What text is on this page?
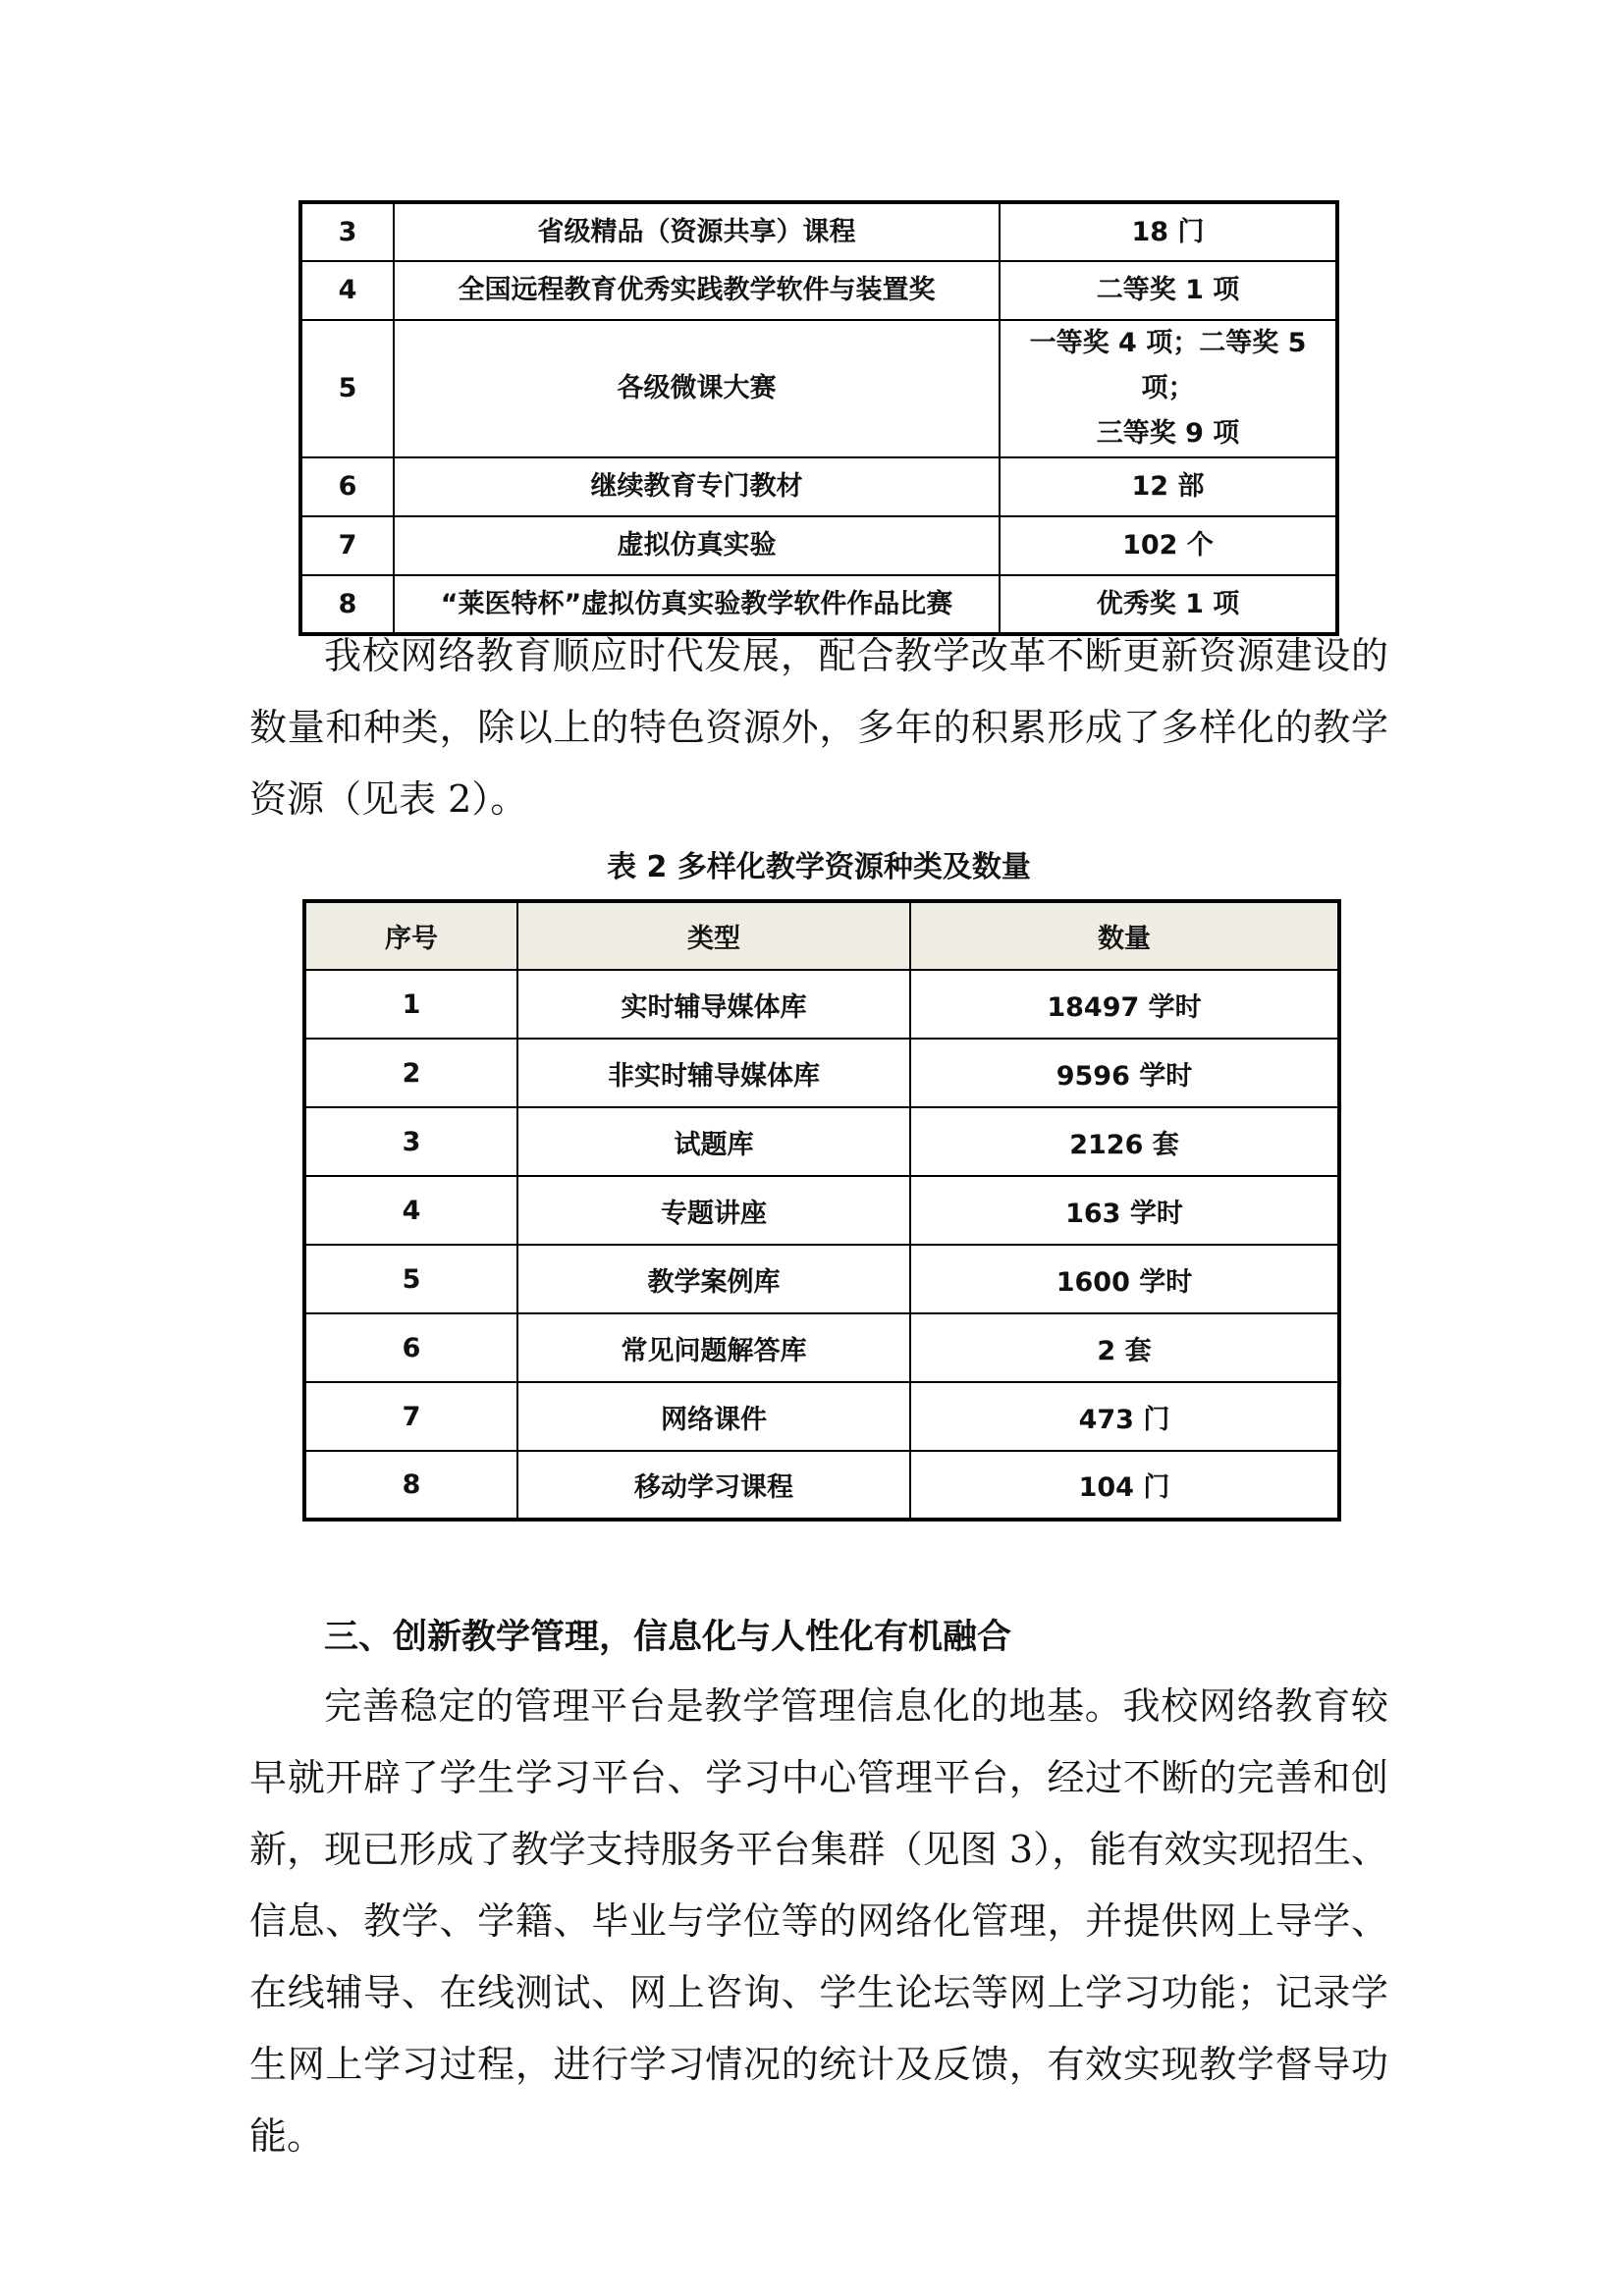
3	省级精品（资源共享）课程	18 门
4	全国远程教育优秀实践教学软件与装置奖	二等奖 1 项
5	各级微课大赛	一等奖 4 项；二等奖 5 项；
三等奖 9 项

6	继续教育专门教材	12 部
7	虚拟仿真实验	102 个
8	“莱医特杯”虚拟仿真实验教学软件作品比赛	优秀奖 1 项

我校网络教育顺应时代发展，配合教学改革不断更新资源建设的数量和种类，除以上的特色资源外，多年的积累形成了多样化的教学资源（见表 2）。

表 2 多样化教学资源种类及数量
序号	类型	数量
1	实时辅导媒体库	18497 学时
2	非实时辅导媒体库	9596 学时
3	试题库	2126 套
4	专题讲座	163 学时
5	教学案例库	1600 学时
6	常见问题解答库	2 套
7	网络课件	473 门
8	移动学习课程	104 门
三、创新教学管理，信息化与人性化有机融合

完善稳定的管理平台是教学管理信息化的地基。我校网络教育较早就开辟了学生学习平台、学习中心管理平台，经过不断的完善和创新，现已形成了教学支持服务平台集群（见图 3），能有效实现招生、信息、教学、学籍、毕业与学位等的网络化管理，并提供网上导学、在线辅导、在线测试、网上咨询、学生论坛等网上学习功能；记录学生网上学习过程，进行学习情况的统计及反馈，有效实现教学督导功能。
